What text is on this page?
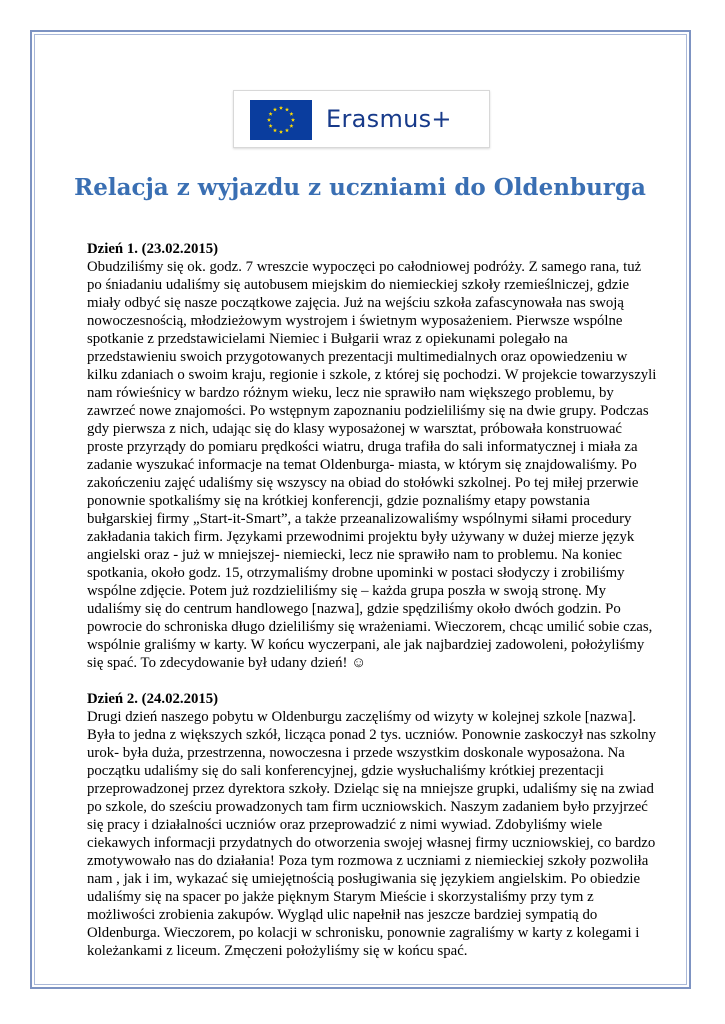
Erasmus+
Relacja z wyjazdu z uczniami do Oldenburga

Dzień 1. (23.02.2015)

Obudziliśmy się ok. godz. 7 wreszcie wypoczęci po całodniowej podróży. Z samego rana, tuż po śniadaniu udaliśmy się autobusem miejskim do niemieckiej szkoły rzemieślniczej, gdzie miały odbyć się nasze początkowe zajęcia. Już na wejściu szkoła zafascynowała nas swoją nowoczesnością, młodzieżowym wystrojem i świetnym wyposażeniem. Pierwsze wspólne spotkanie z przedstawicielami Niemiec i Bułgarii wraz z opiekunami polegało na przedstawieniu swoich przygotowanych prezentacji multimedialnych oraz opowiedzeniu w kilku zdaniach o swoim kraju, regionie i szkole, z której się pochodzi. W projekcie towarzyszyli nam rówieśnicy w bardzo różnym wieku, lecz nie sprawiło nam większego problemu, by zawrzeć nowe znajomości. Po wstępnym zapoznaniu podzieliliśmy się na dwie grupy. Podczas gdy pierwsza z nich, udając się do klasy wyposażonej w warsztat, próbowała konstruować proste przyrządy do pomiaru prędkości wiatru, druga trafiła do sali informatycznej i miała za zadanie wyszukać informacje na temat Oldenburga- miasta, w którym się znajdowaliśmy. Po zakończeniu zajęć udaliśmy się wszyscy na obiad do stołówki szkolnej. Po tej miłej przerwie ponownie spotkaliśmy się na krótkiej konferencji, gdzie poznaliśmy etapy powstania bułgarskiej firmy „Start-it-Smart”, a także przeanalizowaliśmy wspólnymi siłami procedury zakładania takich firm. Językami przewodnimi projektu były używany w dużej mierze język angielski oraz - już w mniejszej- niemiecki, lecz nie sprawiło nam to problemu. Na koniec spotkania, około godz. 15, otrzymaliśmy drobne upominki w postaci słodyczy i zrobiliśmy wspólne zdjęcie. Potem już rozdzieliliśmy się – każda grupa poszła w swoją stronę. My udaliśmy się do centrum handlowego [nazwa], gdzie spędziliśmy około dwóch godzin. Po powrocie do schroniska długo dzieliliśmy się wrażeniami. Wieczorem, chcąc umilić sobie czas, wspólnie graliśmy w karty. W końcu wyczerpani, ale jak najbardziej zadowoleni, położyliśmy się spać. To zdecydowanie był udany dzień! ☺

Dzień 2. (24.02.2015)

Drugi dzień naszego pobytu w Oldenburgu zaczęliśmy od wizyty w kolejnej szkole [nazwa]. Była to jedna z większych szkół, licząca ponad 2 tys. uczniów. Ponownie zaskoczył nas szkolny urok- była duża, przestrzenna, nowoczesna i przede wszystkim doskonale wyposażona. Na początku udaliśmy się do sali konferencyjnej, gdzie wysłuchaliśmy krótkiej prezentacji przeprowadzonej przez dyrektora szkoły. Dzieląc się na mniejsze grupki, udaliśmy się na zwiad po szkole, do sześciu prowadzonych tam firm uczniowskich. Naszym zadaniem było przyjrzeć się pracy i działalności uczniów oraz przeprowadzić z nimi wywiad. Zdobyliśmy wiele ciekawych informacji przydatnych do otworzenia swojej własnej firmy uczniowskiej, co bardzo zmotywowało nas do działania! Poza tym rozmowa z uczniami z niemieckiej szkoły pozwoliła nam , jak i im, wykazać się umiejętnością posługiwania się językiem angielskim. Po obiedzie udaliśmy się na spacer po jakże pięknym Starym Mieście i skorzystaliśmy przy tym z możliwości zrobienia zakupów. Wygląd ulic napełnił nas jeszcze bardziej sympatią do Oldenburga. Wieczorem, po kolacji w schronisku, ponownie zagraliśmy w karty z kolegami i koleżankami z liceum. Zmęczeni położyliśmy się w końcu spać.
